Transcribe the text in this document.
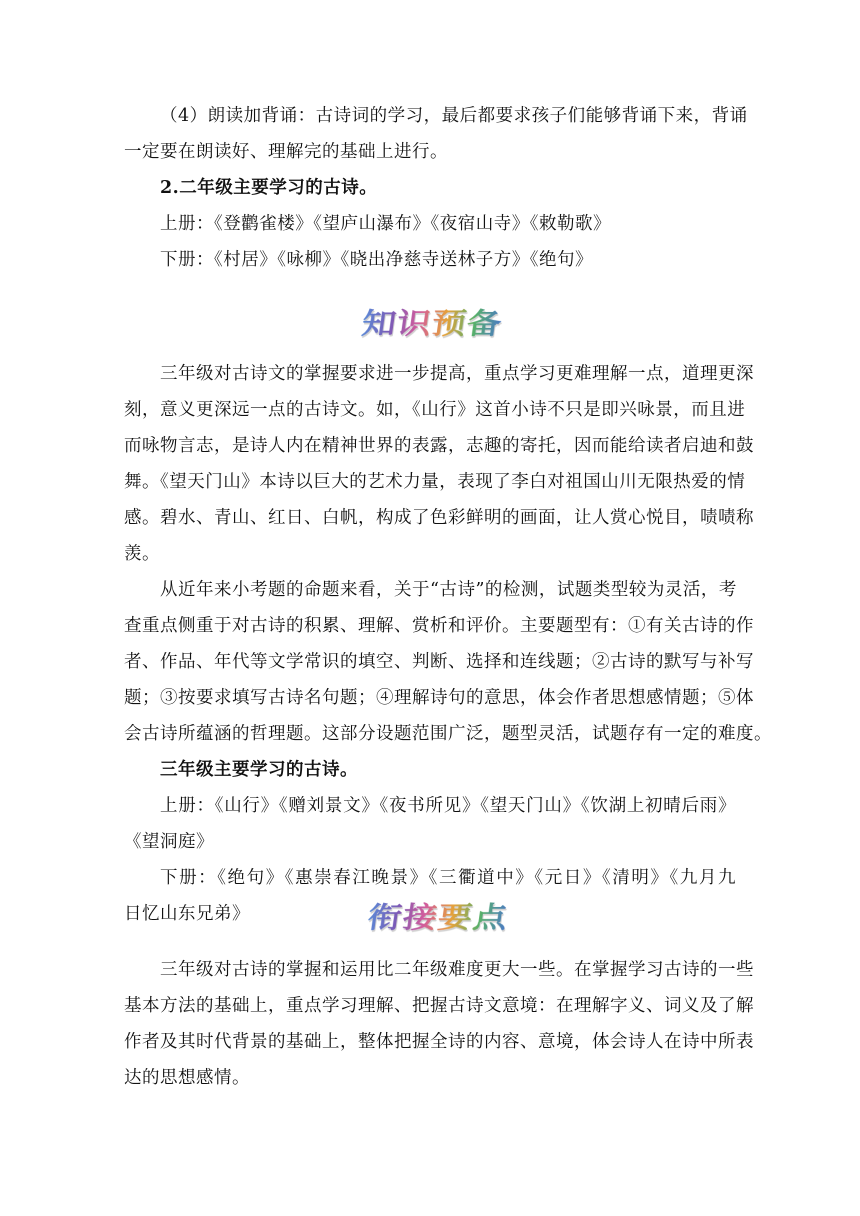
（4）朗读加背诵：古诗词的学习，最后都要求孩子们能够背诵下来，背诵
一定要在朗读好、理解完的基础上进行。
2.二年级主要学习的古诗。
上册：《登鹳雀楼》《望庐山瀑布》《夜宿山寺》《敕勒歌》
下册：《村居》《咏柳》《晓出净慈寺送林子方》《绝句》
知识预备
三年级对古诗文的掌握要求进一步提高，重点学习更难理解一点，道理更深
刻，意义更深远一点的古诗文。如，《山行》这首小诗不只是即兴咏景，而且进
而咏物言志，是诗人内在精神世界的表露，志趣的寄托，因而能给读者启迪和鼓
舞。《望天门山》本诗以巨大的艺术力量，表现了李白对祖国山川无限热爱的情
感。碧水、青山、红日、白帆，构成了色彩鲜明的画面，让人赏心悦目，啧啧称
羡。
从近年来小考题的命题来看，关于“古诗”的检测，试题类型较为灵活，考
查重点侧重于对古诗的积累、理解、赏析和评价。主要题型有：①有关古诗的作
者、作品、年代等文学常识的填空、判断、选择和连线题；②古诗的默写与补写
题；③按要求填写古诗名句题；④理解诗句的意思，体会作者思想感情题；⑤体
会古诗所蕴涵的哲理题。这部分设题范围广泛，题型灵活，试题存有一定的难度。
三年级主要学习的古诗。
上册：《山行》《赠刘景文》《夜书所见》《望天门山》《饮湖上初晴后雨》
《望洞庭》
下册：《绝句》《惠崇春江晚景》《三衢道中》《元日》《清明》《九月九
日忆山东兄弟》	衔接要点
三年级对古诗的掌握和运用比二年级难度更大一些。在掌握学习古诗的一些
基本方法的基础上，重点学习理解、把握古诗文意境：在理解字义、词义及了解
作者及其时代背景的基础上，整体把握全诗的内容、意境，体会诗人在诗中所表
达的思想感情。
